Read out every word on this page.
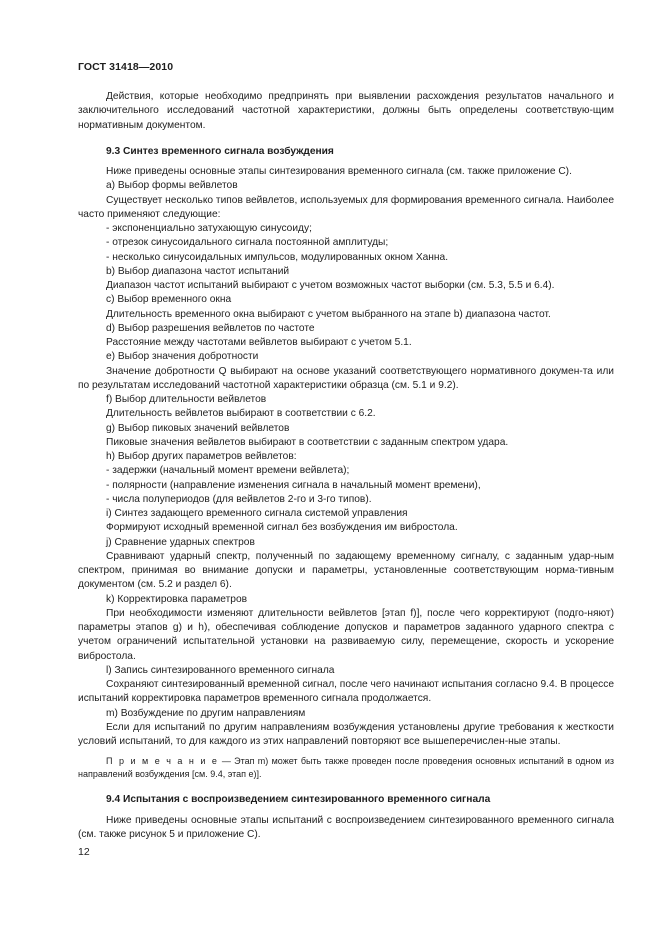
ГОСТ 31418—2010

Действия, которые необходимо предпринять при выявлении расхождения результатов начального и заключительного исследований частотной характеристики, должны быть определены соответствую-щим нормативным документом.

9.3 Синтез временного сигнала возбуждения

Ниже приведены основные этапы синтезирования временного сигнала (см. также приложение С).

a) Выбор формы вейвлетов

Существует несколько типов вейвлетов, используемых для формирования временного сигнала. Наиболее часто применяют следующие:

- экспоненциально затухающую синусоиду;

- отрезок синусоидального сигнала постоянной амплитуды;

- несколько синусоидальных импульсов, модулированных окном Ханна.

b) Выбор диапазона частот испытаний

Диапазон частот испытаний выбирают с учетом возможных частот выборки (см. 5.3, 5.5 и 6.4).

c) Выбор временного окна

Длительность временного окна выбирают с учетом выбранного на этапе b) диапазона частот.

d) Выбор разрешения вейвлетов по частоте

Расстояние между частотами вейвлетов выбирают с учетом 5.1.

e) Выбор значения добротности

Значение добротности Q выбирают на основе указаний соответствующего нормативного докумен-та или по результатам исследований частотной характеристики образца (см. 5.1 и 9.2).

f) Выбор длительности вейвлетов

Длительность вейвлетов выбирают в соответствии с 6.2.

g) Выбор пиковых значений вейвлетов

Пиковые значения вейвлетов выбирают в соответствии с заданным спектром удара.

h) Выбор других параметров вейвлетов:

- задержки (начальный момент времени вейвлета);

- полярности (направление изменения сигнала в начальный момент времени),

- числа полупериодов (для вейвлетов 2-го и 3-го типов).

i) Синтез задающего временного сигнала системой управления

Формируют исходный временной сигнал без возбуждения им вибростола.

j) Сравнение ударных спектров

Сравнивают ударный спектр, полученный по задающему временному сигналу, с заданным удар-ным спектром, принимая во внимание допуски и параметры, установленные соответствующим норма-тивным документом (см. 5.2 и раздел 6).

k) Корректировка параметров

При необходимости изменяют длительности вейвлетов [этап f)], после чего корректируют (подго-няют) параметры этапов g) и h), обеспечивая соблюдение допусков и параметров заданного ударного спектра с учетом ограничений испытательной установки на развиваемую силу, перемещение, скорость и ускорение вибростола.

l) Запись синтезированного временного сигнала

Сохраняют синтезированный временной сигнал, после чего начинают испытания согласно 9.4. В процессе испытаний корректировка параметров временного сигнала продолжается.

m) Возбуждение по другим направлениям

Если для испытаний по другим направлениям возбуждения установлены другие требования к жесткости условий испытаний, то для каждого из этих направлений повторяют все вышеперечислен-ные этапы.

П р и м е ч а н и е — Этап m) может быть также проведен после проведения основных испытаний в одном из направлений возбуждения [см. 9.4, этап e)].

9.4 Испытания с воспроизведением синтезированного временного сигнала

Ниже приведены основные этапы испытаний с воспроизведением синтезированного временного сигнала (см. также рисунок 5 и приложение С).

12
